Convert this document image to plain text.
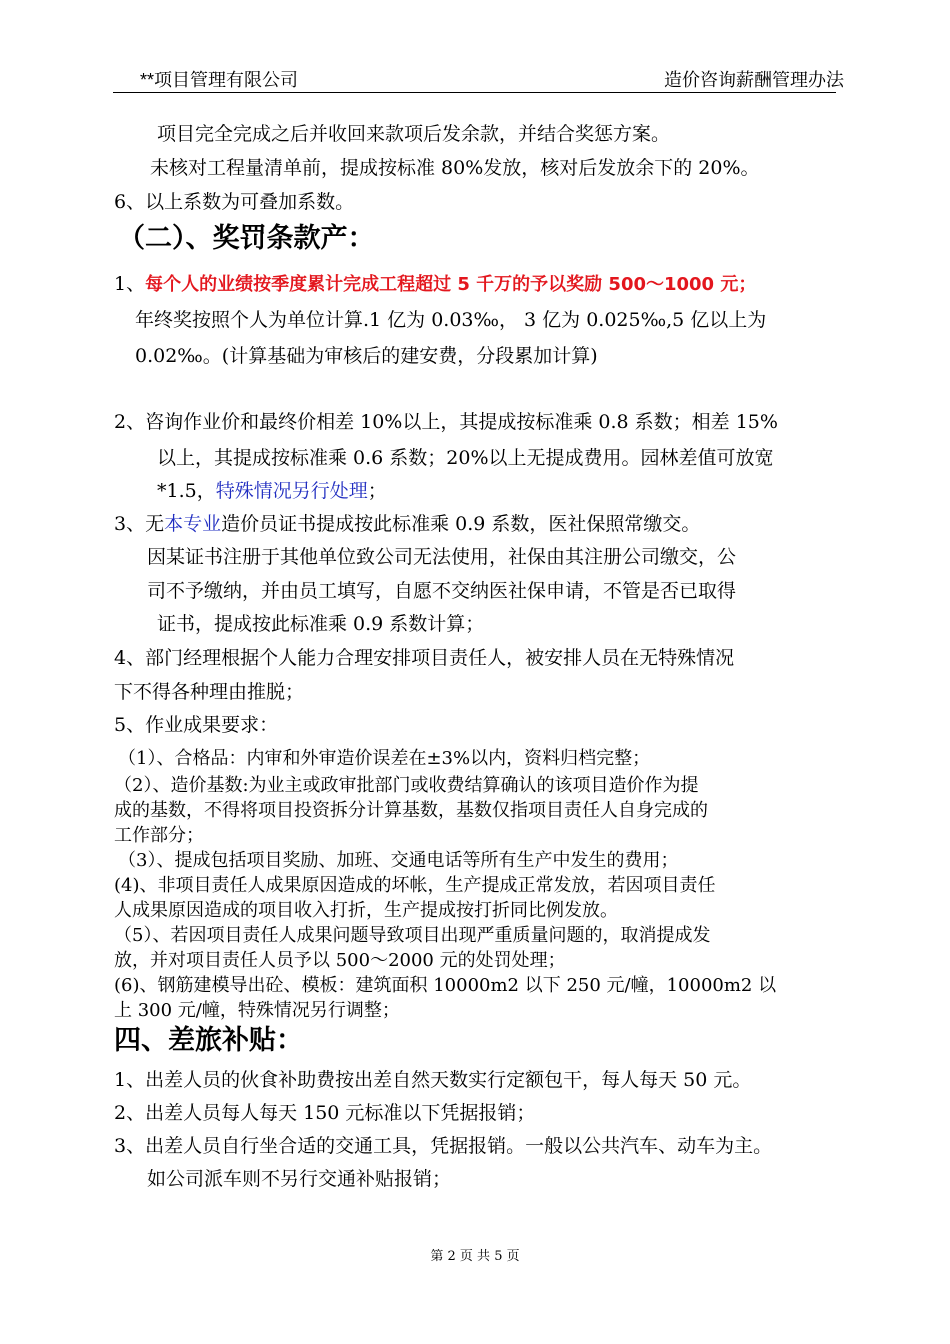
**项目管理有限公司	造价咨询薪酬管理办法
项目完全完成之后并收回来款项后发余款，并结合奖惩方案。
未核对工程量清单前，提成按标准 80%发放，核对后发放余下的 20%。
6、以上系数为可叠加系数。
（二）、奖罚条款产：
1、每个人的业绩按季度累计完成工程超过 5 千万的予以奖励 500～1000 元；
年终奖按照个人为单位计算.1 亿为 0.03‰， 3 亿为 0.025‰,5 亿以上为
0.02‰。(计算基础为审核后的建安费，分段累加计算)
2、咨询作业价和最终价相差 10%以上，其提成按标准乘 0.8 系数；相差 15%
以上，其提成按标准乘 0.6 系数；20%以上无提成费用。园林差值可放宽
*1.5，特殊情况另行处理；
3、无本专业造价员证书提成按此标准乘 0.9 系数，医社保照常缴交。
因某证书注册于其他单位致公司无法使用，社保由其注册公司缴交，公
司不予缴纳，并由员工填写，自愿不交纳医社保申请，不管是否已取得
证书，提成按此标准乘 0.9 系数计算；
4、部门经理根据个人能力合理安排项目责任人，被安排人员在无特殊情况
下不得各种理由推脱；
5、作业成果要求：
（1）、合格品：内审和外审造价误差在±3%以内，资料归档完整；
（2）、造价基数:为业主或政审批部门或收费结算确认的该项目造价作为提
成的基数，不得将项目投资拆分计算基数，基数仅指项目责任人自身完成的
工作部分；
（3）、提成包括项目奖励、加班、交通电话等所有生产中发生的费用；
(4)、非项目责任人成果原因造成的坏帐，生产提成正常发放，若因项目责任
人成果原因造成的项目收入打折，生产提成按打折同比例发放。
（5）、若因项目责任人成果问题导致项目出现严重质量问题的，取消提成发
放，并对项目责任人员予以 500～2000 元的处罚处理；
(6)、钢筋建模导出砼、模板：建筑面积 10000m2 以下 250 元/幢，10000m2 以
上 300 元/幢，特殊情况另行调整；
四、差旅补贴：
1、出差人员的伙食补助费按出差自然天数实行定额包干，每人每天 50 元。
2、出差人员每人每天 150 元标准以下凭据报销；
3、出差人员自行坐合适的交通工具，凭据报销。一般以公共汽车、动车为主。
如公司派车则不另行交通补贴报销；
第 2 页 共 5 页
